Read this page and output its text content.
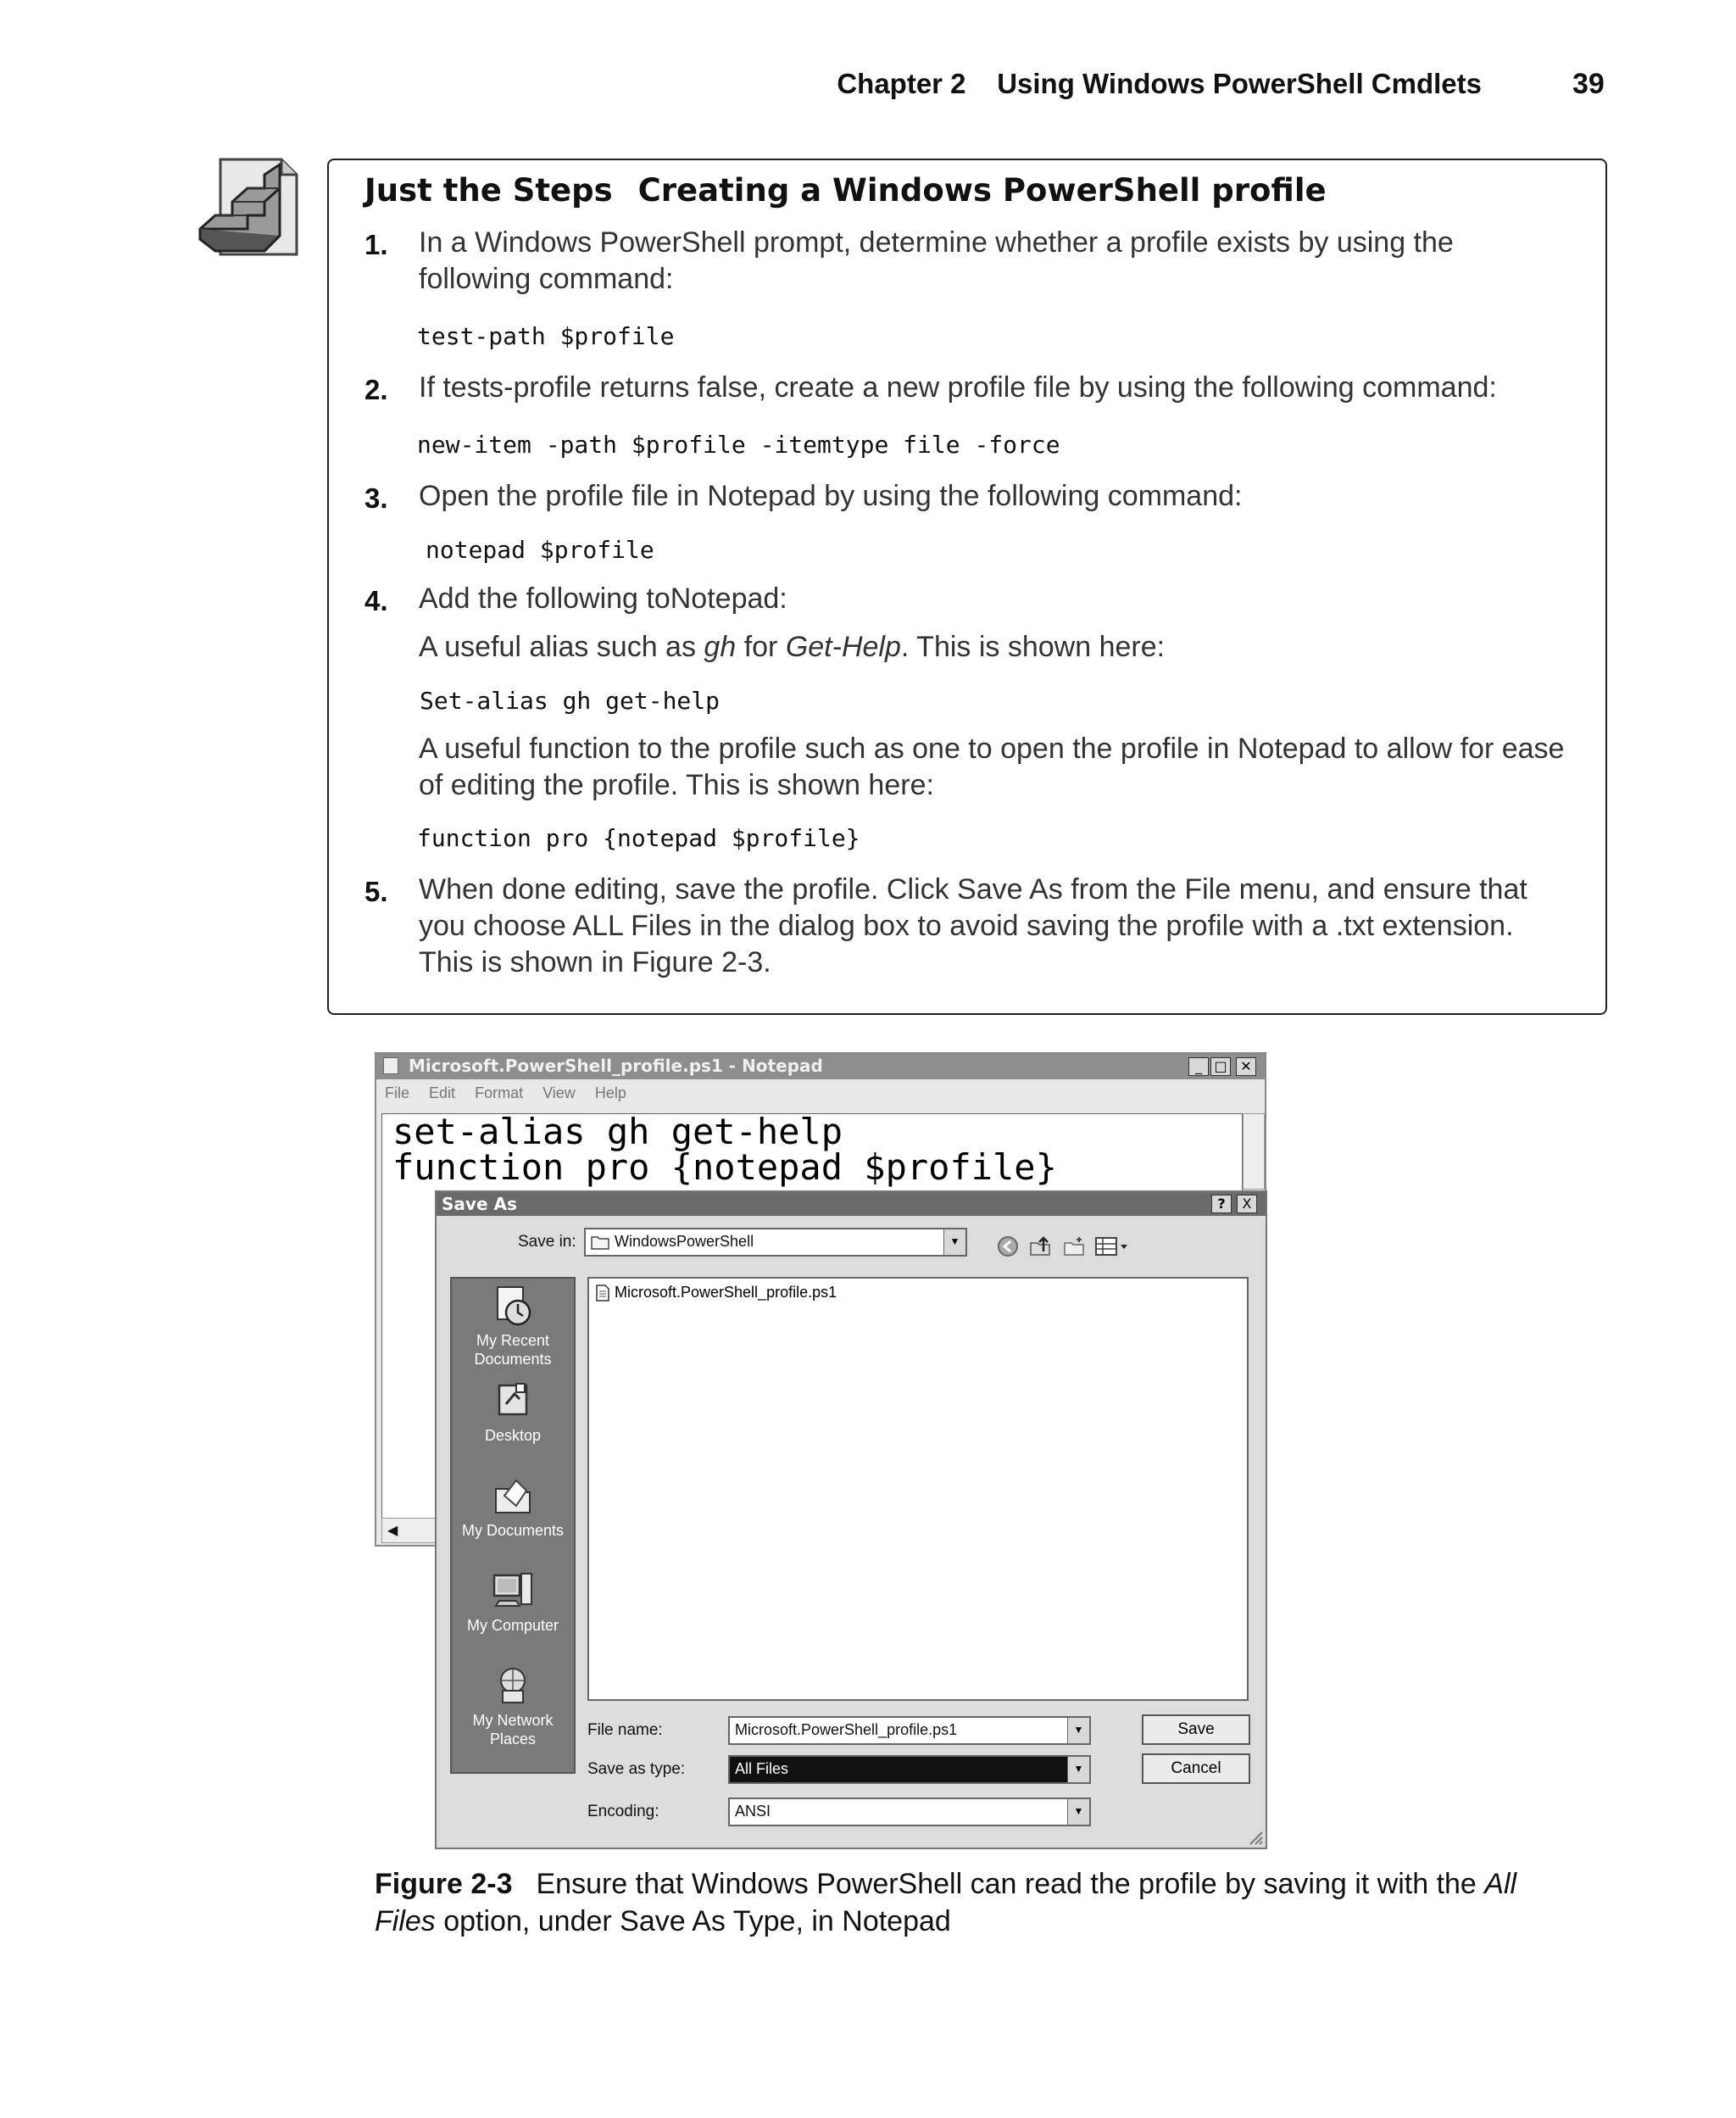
Chapter 2    Using Windows PowerShell Cmdlets	39
Just the Steps Creating a Windows PowerShell profile
1. In a Windows PowerShell prompt, determine whether a profile exists by using the following command:
test-path $profile
2. If tests-profile returns false, create a new profile file by using the following command:
new-item -path $profile -itemtype file -force
3. Open the profile file in Notepad by using the following command:
notepad $profile
4. Add the following toNotepad:
A useful alias such as gh for Get-Help. This is shown here:
Set-alias gh get-help
A useful function to the profile such as one to open the profile in Notepad to allow for ease of editing the profile. This is shown here:
function pro {notepad $profile}
5. When done editing, save the profile. Click Save As from the File menu, and ensure that you choose ALL Files in the dialog box to avoid saving the profile with a .txt extension. This is shown in Figure 2-3.
Microsoft.PowerShell_profile.ps1 - Notepad	_ □ ✕
File Edit Format View Help
set-alias gh get-help
function pro {notepad $profile}
◀
Save As	?	X
Save in:	WindowsPowerShell	▼
My Recent Documents
Desktop
My Documents
My Computer
My Network Places
Microsoft.PowerShell_profile.ps1
File name:	Microsoft.PowerShell_profile.ps1	▼
Save as type:	All Files	▼
Encoding:	ANSI	▼
Save
Cancel
Figure 2-3 Ensure that Windows PowerShell can read the profile by saving it with the All Files option, under Save As Type, in Notepad
